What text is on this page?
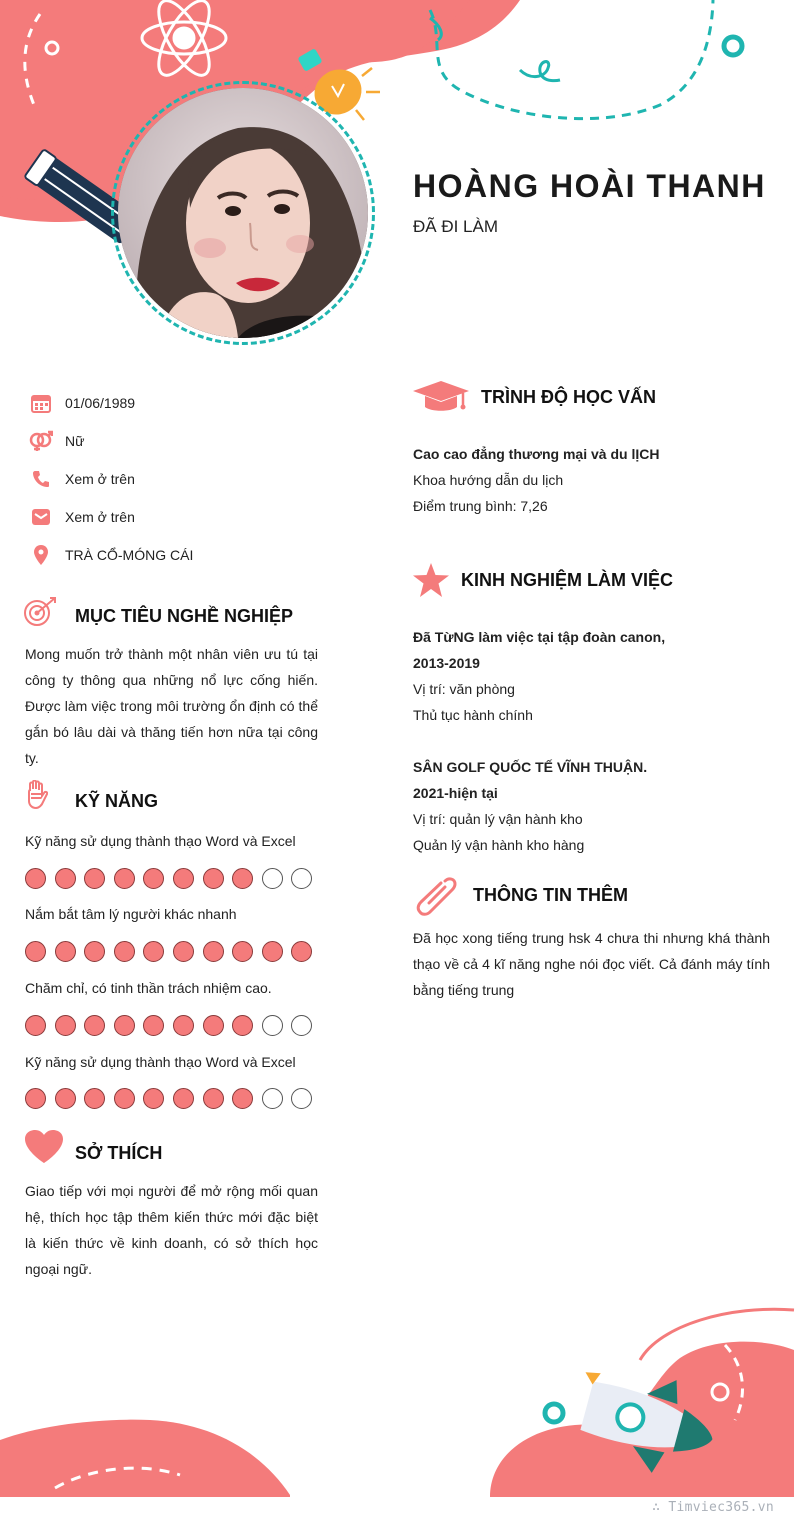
HOÀNG HOÀI THANH
ĐÃ ĐI LÀM
01/06/1989
Nữ
Xem ở trên
Xem ở trên
TRÀ CỔ-MÓNG CÁI
MỤC TIÊU NGHỀ NGHIỆP

Mong muốn trở thành một nhân viên ưu tú tại công ty thông qua những nổ lực cống hiến. Được làm việc trong môi trường ổn định có thể gắn bó lâu dài và thăng tiến hơn nữa tại công ty.

KỸ NĂNG
Kỹ năng sử dụng thành thạo Word và Excel
Nắm bắt tâm lý người khác nhanh
Chăm chỉ, có tinh thần trách nhiệm cao.
Kỹ năng sử dụng thành thạo Word và Excel
SỞ THÍCH

Giao tiếp với mọi người để mở rộng mối quan hệ, thích học tập thêm kiến thức mới đặc biệt là kiến thức về kinh doanh, có sở thích học ngoại ngữ.

TRÌNH ĐỘ HỌC VẤN
Cao cao đẳng thương mại và du lỊCH
Khoa hướng dẫn du lịch
Điểm trung bình: 7,26
KINH NGHIỆM LÀM VIỆC
Đã TừNG làm việc tại tập đoàn canon,
2013-2019
Vị trí: văn phòng
Thủ tục hành chính
SÂN GOLF QUỐC TẾ VĨNH THUẬN.
2021-hiện tại
Vị trí: quản lý vận hành kho
Quản lý vận hành kho hàng
THÔNG TIN THÊM

Đã học xong tiếng trung hsk 4 chưa thi nhưng khá thành thạo về cả 4 kĩ năng nghe nói đọc viết. Cả đánh máy tính bằng tiếng trung

∴ Timviec365.vn
